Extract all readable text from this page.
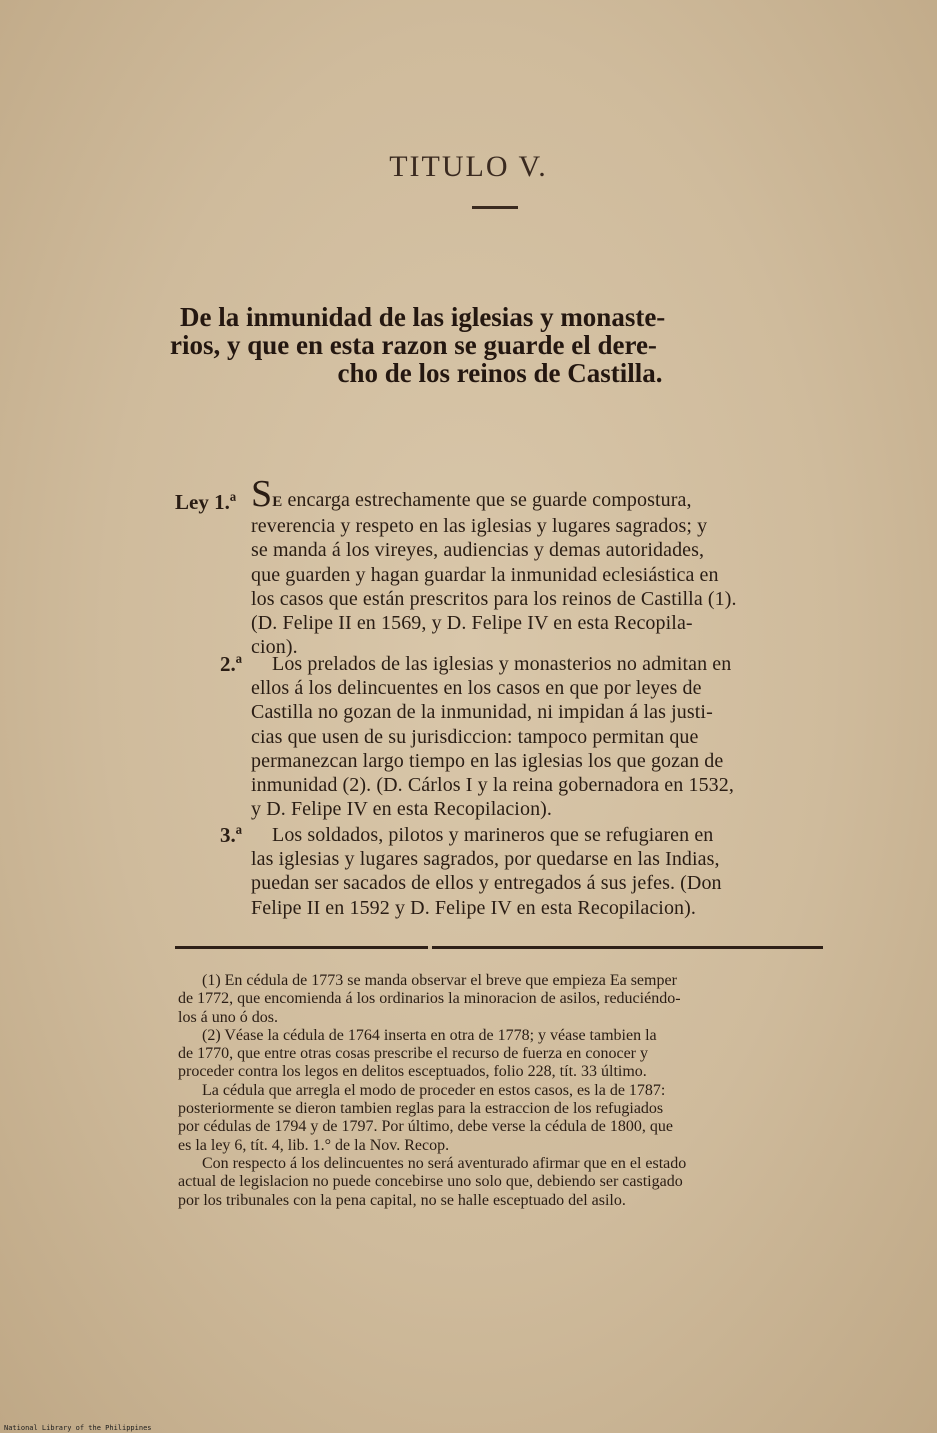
TITULO V.
De la inmunidad de las iglesias y monaste-
rios, y que en esta razon se guarde el dere-
cho de los reinos de Castilla.
Ley 1.ª SE encarga estrechamente que se guarde compostura,
reverencia y respeto en las iglesias y lugares sagrados; y
se manda á los vireyes, audiencias y demas autoridades,
que guarden y hagan guardar la inmunidad eclesiástica en
los casos que están prescritos para los reinos de Castilla (1).
(D. Felipe II en 1569, y D. Felipe IV en esta Recopila-
cion).
2.ª Los prelados de las iglesias y monasterios no admitan en
ellos á los delincuentes en los casos en que por leyes de
Castilla no gozan de la inmunidad, ni impidan á las justi-
cias que usen de su jurisdiccion: tampoco permitan que
permanezcan largo tiempo en las iglesias los que gozan de
inmunidad (2). (D. Cárlos I y la reina gobernadora en 1532,
y D. Felipe IV en esta Recopilacion).
3.ª Los soldados, pilotos y marineros que se refugiaren en
las iglesias y lugares sagrados, por quedarse en las Indias,
puedan ser sacados de ellos y entregados á sus jefes. (Don
Felipe II en 1592 y D. Felipe IV en esta Recopilacion).
(1) En cédula de 1773 se manda observar el breve que empieza Ea semper
de 1772, que encomienda á los ordinarios la minoracion de asilos, reduciéndo-
los á uno ó dos.
(2) Véase la cédula de 1764 inserta en otra de 1778; y véase tambien la
de 1770, que entre otras cosas prescribe el recurso de fuerza en conocer y
proceder contra los legos en delitos esceptuados, folio 228, tít. 33 último.
La cédula que arregla el modo de proceder en estos casos, es la de 1787:
posteriormente se dieron tambien reglas para la estraccion de los refugiados
por cédulas de 1794 y de 1797. Por último, debe verse la cédula de 1800, que
es la ley 6, tít. 4, lib. 1.° de la Nov. Recop.
Con respecto á los delincuentes no será aventurado afirmar que en el estado
actual de legislacion no puede concebirse uno solo que, debiendo ser castigado
por los tribunales con la pena capital, no se halle esceptuado del asilo.
National Library of the Philippines
